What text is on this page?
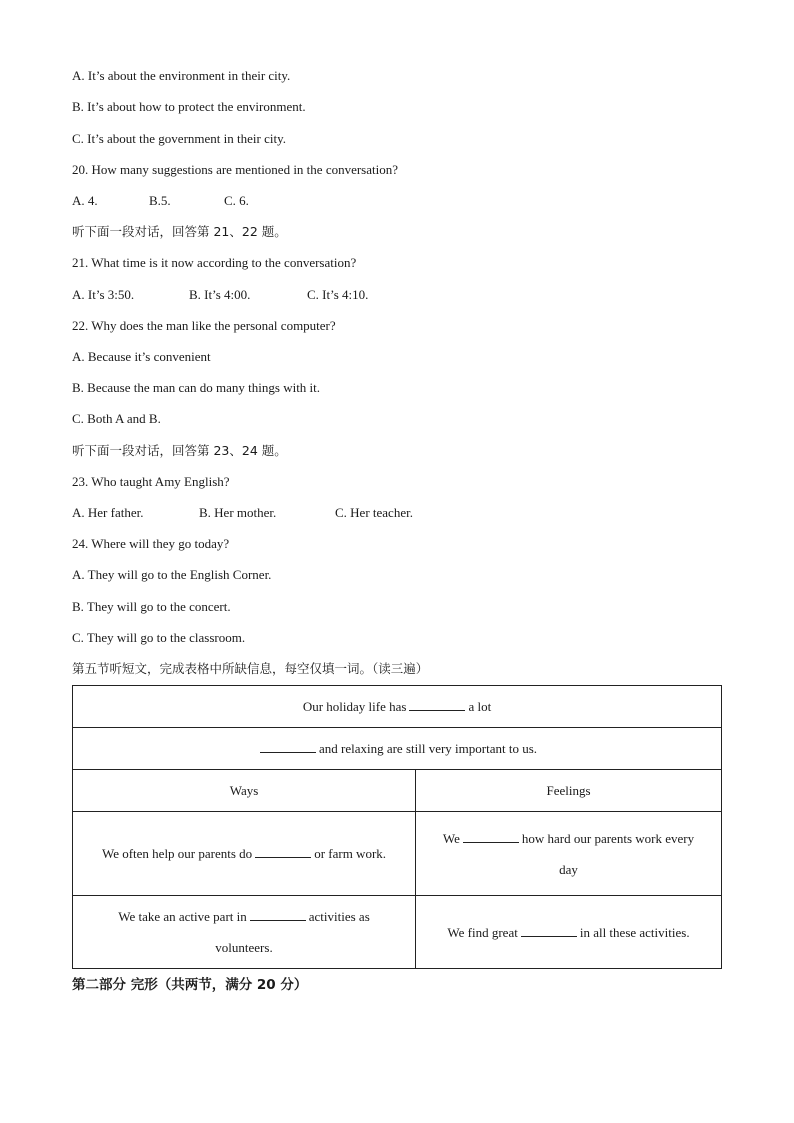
A. It’s about the environment in their city.
B. It’s about how to protect the environment.
C. It’s about the government in their city.
20. How many suggestions are mentioned in the conversation?
A. 4.	B.5.	C. 6.
听下面一段对话，回答第 21、22 题。
21. What time is it now according to the conversation?
A. It’s 3:50.	B. It’s 4:00.	C. It’s 4:10.
22. Why does the man like the personal computer?
A. Because it’s convenient
B. Because the man can do many things with it.
C. Both A and B.
听下面一段对话，回答第 23、24 题。
23. Who taught Amy English?
A. Her father.	B. Her mother.	C. Her teacher.
24. Where will they go today?
A. They will go to the English Corner.
B. They will go to the concert.
C. They will go to the classroom.
第五节听短文，完成表格中所缺信息，每空仅填一词。（读三遍）
Our holiday life has a lot	
and relaxing are still very important to us.	
Ways	Feelings
We often help our parents do or farm work.	We how hard our parents work every day
We take an active part in activities as volunteers.	We find great in all these activities.
第二部分 完形（共两节，满分 20 分）
